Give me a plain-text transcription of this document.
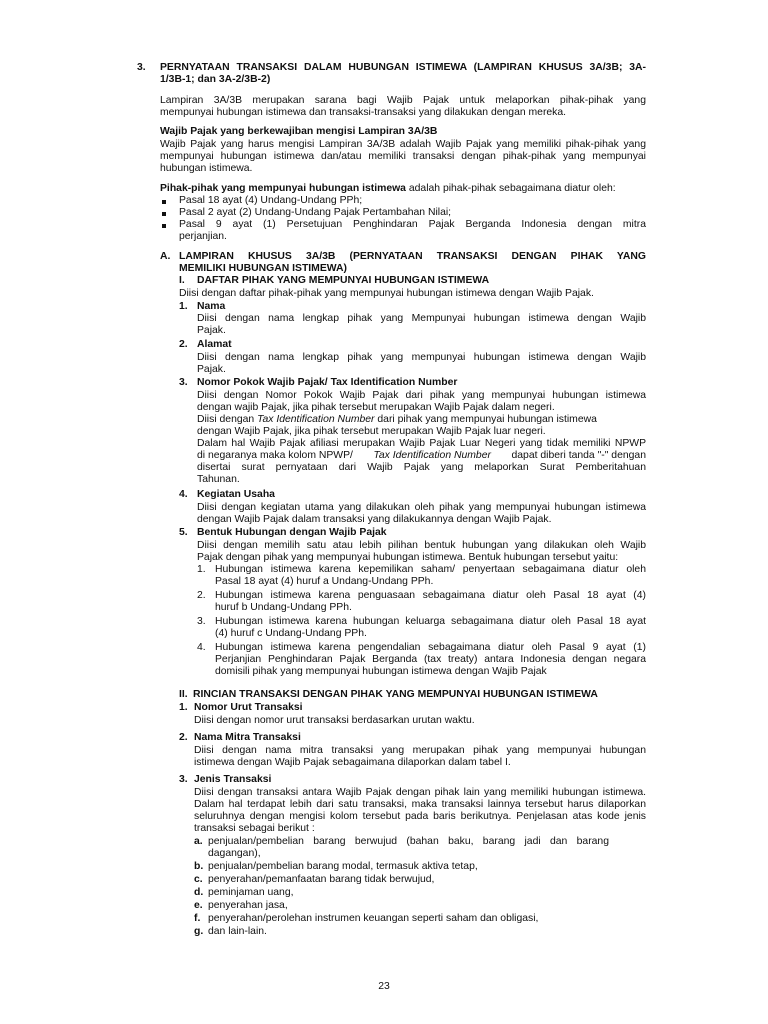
3. PERNYATAAN TRANSAKSI DALAM HUBUNGAN ISTIMEWA (LAMPIRAN KHUSUS 3A/3B; 3A-
1/3B-1; dan 3A-2/3B-2)
Lampiran 3A/3B merupakan sarana bagi Wajib Pajak untuk melaporkan pihak-pihak yang
mempunyai hubungan istimewa dan transaksi-transaksi yang dilakukan dengan mereka.
Wajib Pajak yang berkewajiban mengisi Lampiran 3A/3B
Wajib Pajak yang harus mengisi Lampiran 3A/3B adalah Wajib Pajak yang memiliki pihak-pihak yang
mempunyai hubungan istimewa dan/atau memiliki transaksi dengan pihak-pihak yang mempunyai
hubungan istimewa.
Pihak-pihak yang mempunyai hubungan istimewa adalah pihak-pihak sebagaimana diatur oleh:
Pasal 18 ayat (4) Undang-Undang PPh;
Pasal 2 ayat (2) Undang-Undang Pajak Pertambahan Nilai;
Pasal 9 ayat (1) Persetujuan Penghindaran Pajak Berganda Indonesia dengan mitra
perjanjian.
A. LAMPIRAN KHUSUS 3A/3B (PERNYATAAN TRANSAKSI DENGAN PIHAK YANG
MEMILIKI HUBUNGAN ISTIMEWA)
I. DAFTAR PIHAK YANG MEMPUNYAI HUBUNGAN ISTIMEWA
Diisi dengan daftar pihak-pihak yang mempunyai hubungan istimewa dengan Wajib Pajak.
1. Nama
Diisi dengan nama lengkap pihak yang Mempunyai hubungan istimewa dengan Wajib
Pajak.
2. Alamat
Diisi dengan nama lengkap pihak yang mempunyai hubungan istimewa dengan Wajib
Pajak.
3. Nomor Pokok Wajib Pajak/ Tax Identification Number
Diisi dengan Nomor Pokok Wajib Pajak dari pihak yang mempunyai hubungan istimewa
dengan wajib Pajak, jika pihak tersebut merupakan Wajib Pajak dalam negeri.
Diisi dengan Tax Identification Number dari pihak yang mempunyai hubungan istimewa
dengan Wajib Pajak, jika pihak tersebut merupakan Wajib Pajak luar negeri.
Dalam hal Wajib Pajak afiliasi merupakan Wajib Pajak Luar Negeri yang tidak memiliki NPWP
di negaranya maka kolom NPWP/ Tax Identification Number dapat diberi tanda "-" dengan
disertai surat pernyataan dari Wajib Pajak yang melaporkan Surat Pemberitahuan
Tahunan.
4. Kegiatan Usaha
Diisi dengan kegiatan utama yang dilakukan oleh pihak yang mempunyai hubungan istimewa
dengan Wajib Pajak dalam transaksi yang dilakukannya dengan Wajib Pajak.
5. Bentuk Hubungan dengan Wajib Pajak
Diisi dengan memilih satu atau lebih pilihan bentuk hubungan yang dilakukan oleh Wajib
Pajak dengan pihak yang mempunyai hubungan istimewa. Bentuk hubungan tersebut yaitu:
1. Hubungan istimewa karena kepemilikan saham/ penyertaan sebagaimana diatur oleh
Pasal 18 ayat (4) huruf a Undang-Undang PPh.
2. Hubungan istimewa karena penguasaan sebagaimana diatur oleh Pasal 18 ayat (4)
huruf b Undang-Undang PPh.
3. Hubungan istimewa karena hubungan keluarga sebagaimana diatur oleh Pasal 18 ayat
(4) huruf c Undang-Undang PPh.
4. Hubungan istimewa karena pengendalian sebagaimana diatur oleh Pasal 9 ayat (1)
Perjanjian Penghindaran Pajak Berganda (tax treaty) antara Indonesia dengan negara
domisili pihak yang mempunyai hubungan istimewa dengan Wajib Pajak
II. RINCIAN TRANSAKSI DENGAN PIHAK YANG MEMPUNYAI HUBUNGAN ISTIMEWA
1. Nomor Urut Transaksi
Diisi dengan nomor urut transaksi berdasarkan urutan waktu.
2. Nama Mitra Transaksi
Diisi dengan nama mitra transaksi yang merupakan pihak yang mempunyai hubungan
istimewa dengan Wajib Pajak sebagaimana dilaporkan dalam tabel I.
3. Jenis Transaksi
Diisi dengan transaksi antara Wajib Pajak dengan pihak lain yang memiliki hubungan istimewa.
Dalam hal terdapat lebih dari satu transaksi, maka transaksi lainnya tersebut harus dilaporkan
seluruhnya dengan mengisi kolom tersebut pada baris berikutnya. Penjelasan atas kode jenis
transaksi sebagai berikut :
a. penjualan/pembelian barang berwujud (bahan baku, barang jadi dan barang
dagangan),
b. penjualan/pembelian barang modal, termasuk aktiva tetap,
c. penyerahan/pemanfaatan barang tidak berwujud,
d. peminjaman uang,
e. penyerahan jasa,
f. penyerahan/perolehan instrumen keuangan seperti saham dan obligasi,
g. dan lain-lain.
23
